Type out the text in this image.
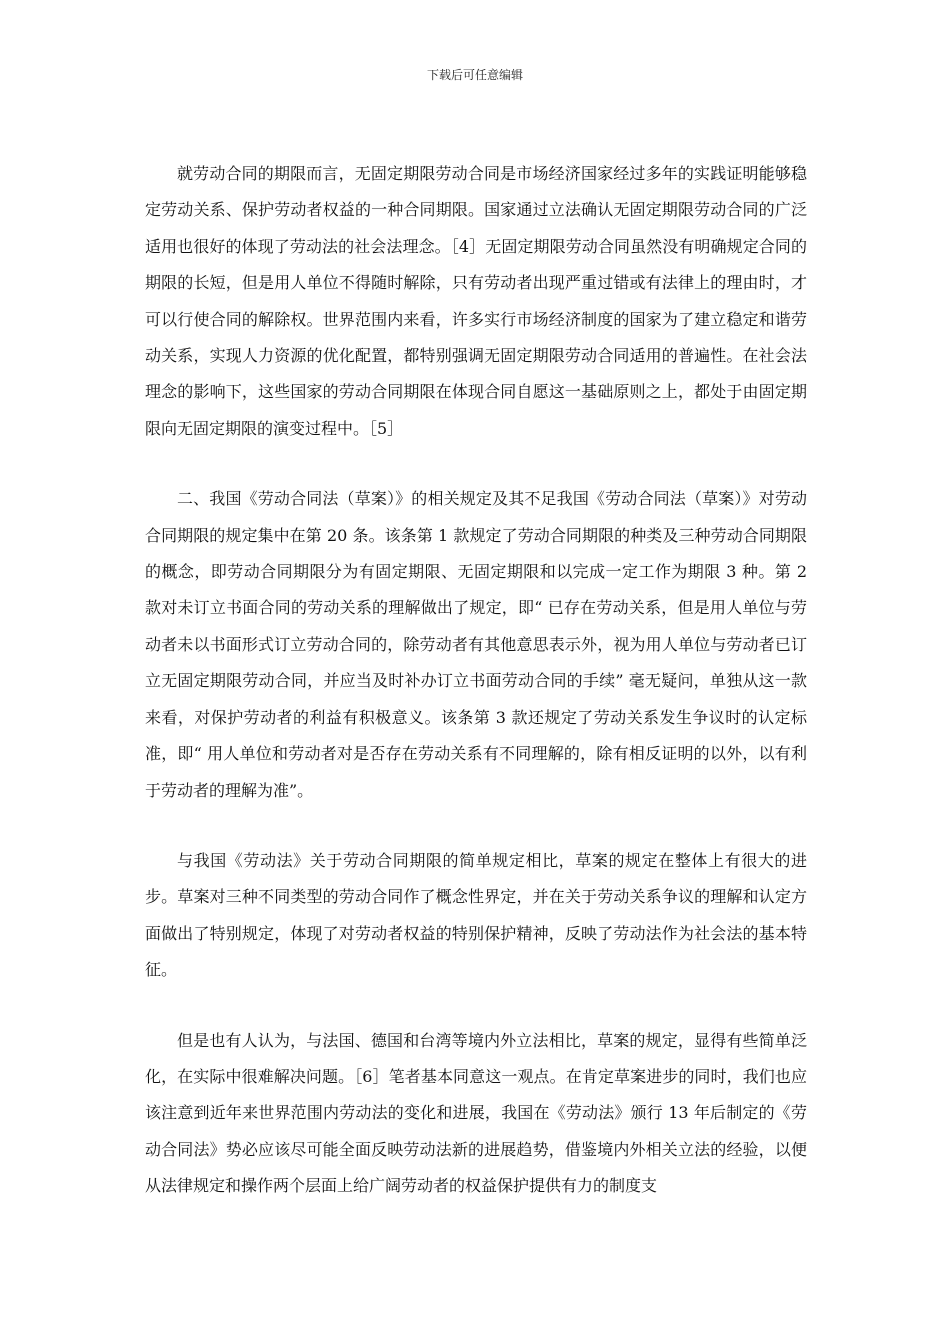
下载后可任意编辑

就劳动合同的期限而言，无固定期限劳动合同是市场经济国家经过多年的实践证明能够稳定劳动关系、保护劳动者权益的一种合同期限。国家通过立法确认无固定期限劳动合同的广泛适用也很好的体现了劳动法的社会法理念。［4］无固定期限劳动合同虽然没有明确规定合同的期限的长短，但是用人单位不得随时解除，只有劳动者出现严重过错或有法律上的理由时，才可以行使合同的解除权。世界范围内来看，许多实行市场经济制度的国家为了建立稳定和谐劳动关系，实现人力资源的优化配置，都特别强调无固定期限劳动合同适用的普遍性。在社会法理念的影响下，这些国家的劳动合同期限在体现合同自愿这一基础原则之上，都处于由固定期限向无固定期限的演变过程中。［5］

二、我国《劳动合同法（草案）》的相关规定及其不足我国《劳动合同法（草案）》对劳动合同期限的规定集中在第 20 条。该条第 1 款规定了劳动合同期限的种类及三种劳动合同期限的概念，即劳动合同期限分为有固定期限、无固定期限和以完成一定工作为期限 3 种。第 2 款对未订立书面合同的劳动关系的理解做出了规定，即“ 已存在劳动关系，但是用人单位与劳动者未以书面形式订立劳动合同的，除劳动者有其他意思表示外，视为用人单位与劳动者已订立无固定期限劳动合同，并应当及时补办订立书面劳动合同的手续” 毫无疑问，单独从这一款来看，对保护劳动者的利益有积极意义。该条第 3 款还规定了劳动关系发生争议时的认定标准，即“ 用人单位和劳动者对是否存在劳动关系有不同理解的，除有相反证明的以外，以有利于劳动者的理解为准”。

与我国《劳动法》关于劳动合同期限的简单规定相比，草案的规定在整体上有很大的进步。草案对三种不同类型的劳动合同作了概念性界定，并在关于劳动关系争议的理解和认定方面做出了特别规定，体现了对劳动者权益的特别保护精神，反映了劳动法作为社会法的基本特征。

但是也有人认为，与法国、德国和台湾等境内外立法相比，草案的规定，显得有些简单泛化，在实际中很难解决问题。［6］笔者基本同意这一观点。在肯定草案进步的同时，我们也应该注意到近年来世界范围内劳动法的变化和进展，我国在《劳动法》颁行 13 年后制定的《劳动合同法》势必应该尽可能全面反映劳动法新的进展趋势，借鉴境内外相关立法的经验，以便从法律规定和操作两个层面上给广阔劳动者的权益保护提供有力的制度支
